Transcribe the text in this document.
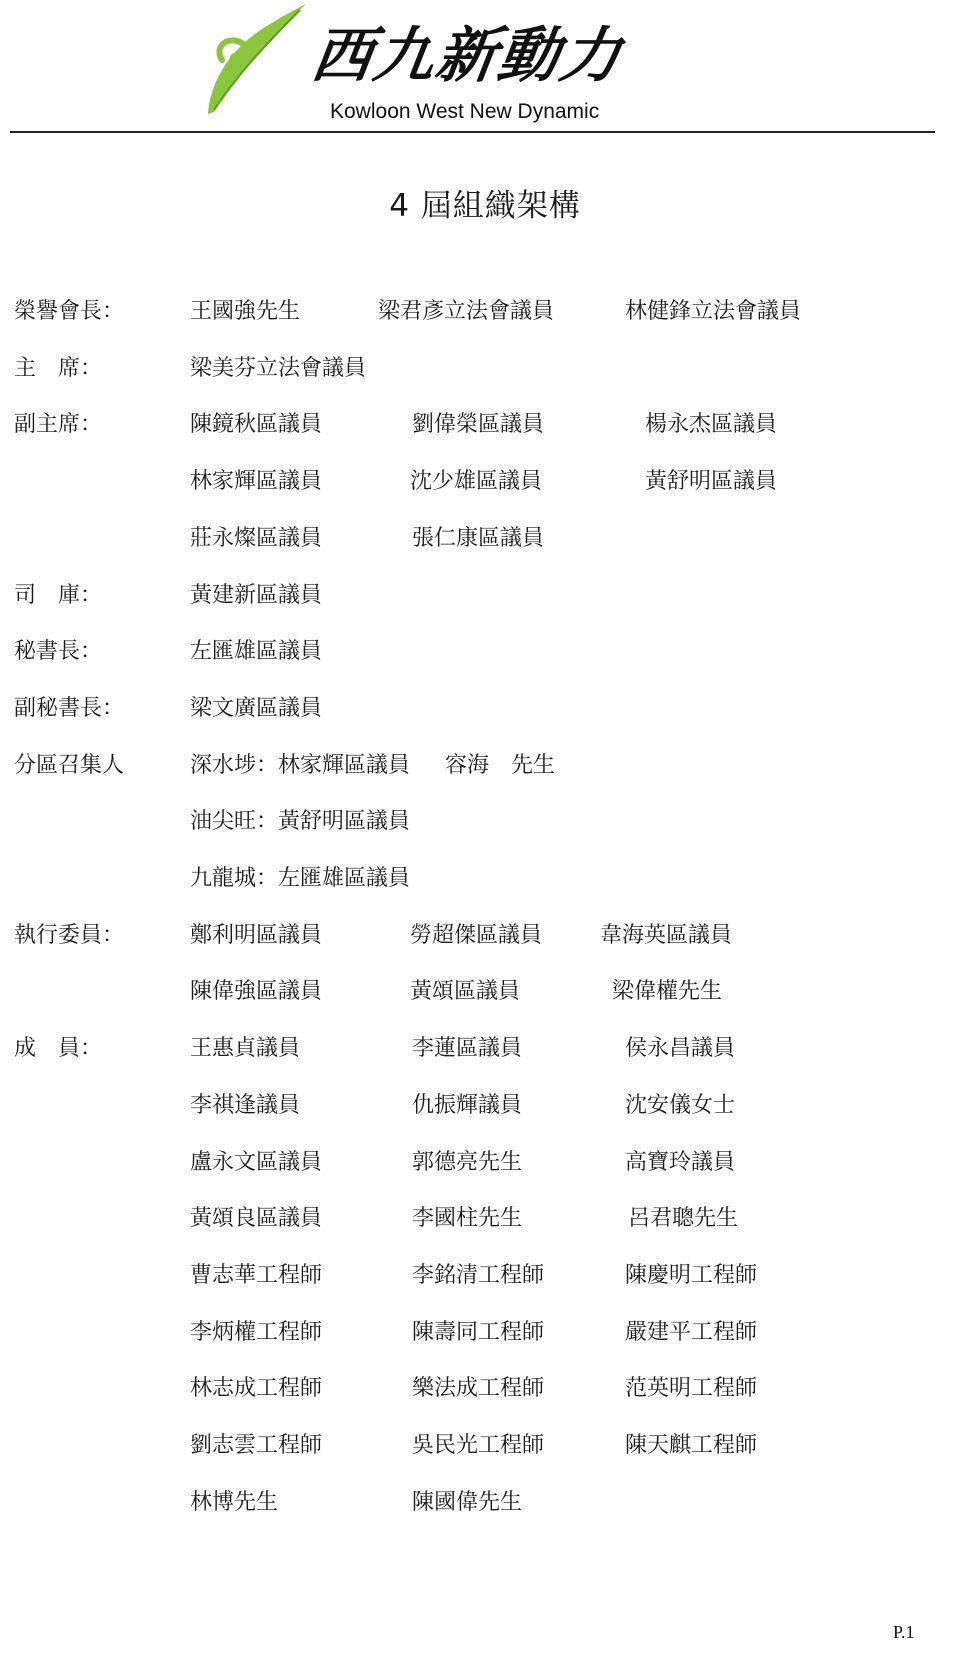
西九新動力
Kowloon West New Dynamic
4 屆組織架構
榮譽會長：	王國強先生	梁君彥立法會議員	林健鋒立法會議員
主　席：	梁美芬立法會議員
副主席：	陳鏡秋區議員	劉偉榮區議員	楊永杰區議員
林家輝區議員	沈少雄區議員	黃舒明區議員
莊永燦區議員	張仁康區議員
司　庫：	黃建新區議員
秘書長：	左匯雄區議員
副秘書長：	梁文廣區議員
分區召集人	深水埗：林家輝區議員 容海　先生
油尖旺：黃舒明區議員
九龍城：左匯雄區議員
執行委員：	鄭利明區議員	勞超傑區議員	韋海英區議員
陳偉強區議員	黃頌區議員	梁偉權先生
成　員：	王惠貞議員	李蓮區議員	侯永昌議員
李祺逢議員	仇振輝議員	沈安儀女士
盧永文區議員	郭德亮先生	高寶玲議員
黃頌良區議員	李國柱先生	呂君聰先生
曹志華工程師	李銘清工程師	陳慶明工程師
李炳權工程師	陳壽同工程師	嚴建平工程師
林志成工程師	樂法成工程師	范英明工程師
劉志雲工程師	吳民光工程師	陳天麒工程師
林博先生	陳國偉先生
P.1
